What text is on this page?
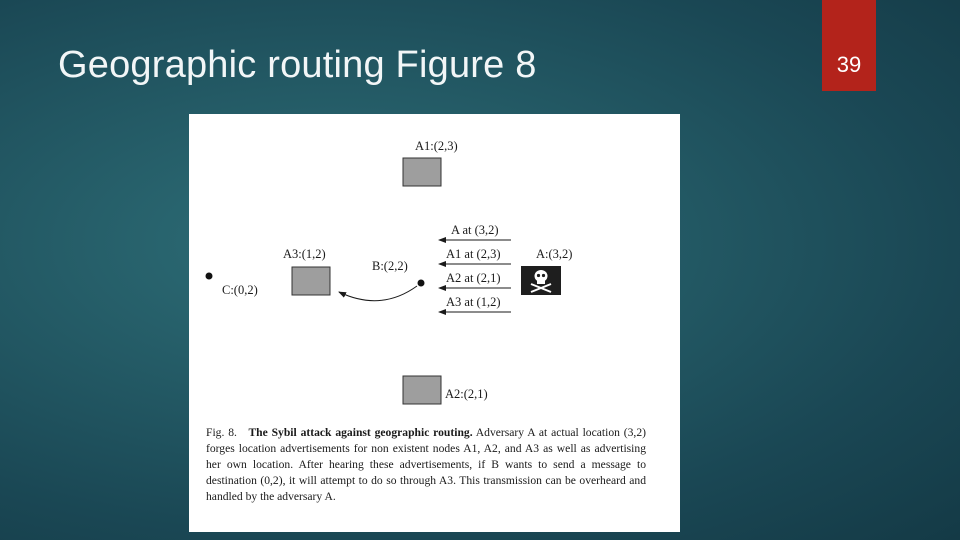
Geographic routing Figure 8	39
A1:(2,3)
A3:(1,2)
C:(0,2)
B:(2,2)
A at (3,2)
A1 at (2,3)
A2 at (2,1)
A3 at (1,2)
A:(3,2)
A2:(2,1)
Fig. 8. The Sybil attack against geographic routing. Adversary A at actual location (3,2) forges location advertisements for non existent nodes A1, A2, and A3 as well as advertising her own location. After hearing these advertisements, if B wants to send a message to destination (0,2), it will attempt to do so through A3. This transmission can be overheard and handled by the adversary A.
